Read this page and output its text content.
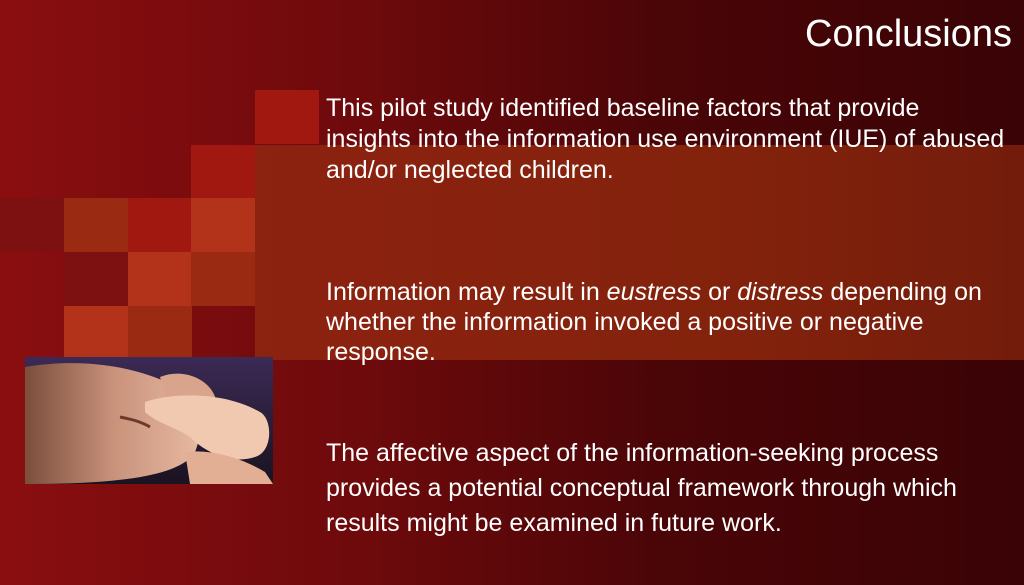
Conclusions

This pilot study identified baseline factors that provide insights into the information use environment (IUE) of abused and/or neglected children.

Information may result in eustress or distress depending on whether the information invoked a positive or negative response.

The affective aspect of the information-seeking process provides a potential conceptual framework through which results might be examined in future work.
